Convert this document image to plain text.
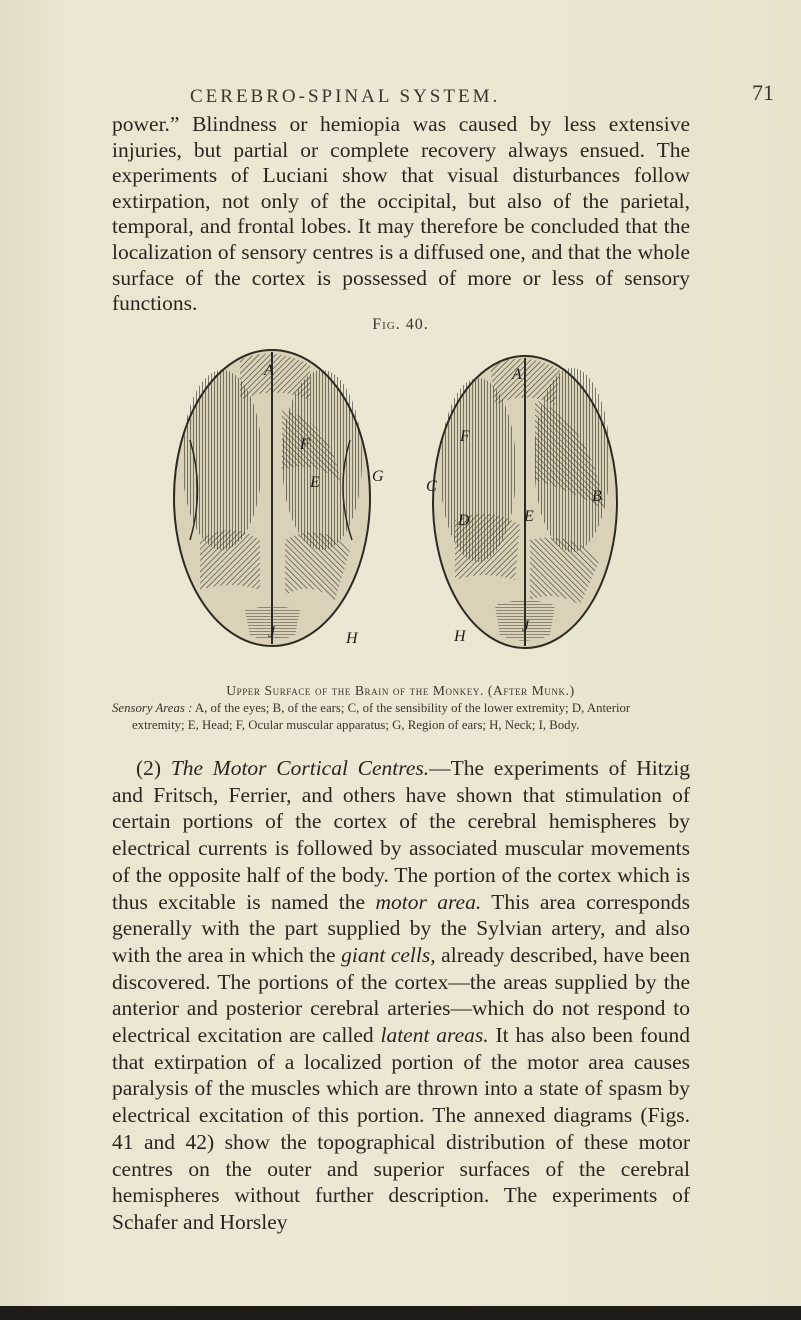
CEREBRO-SPINAL SYSTEM.	71

power.” Blindness or hemiopia was caused by less extensive injuries, but partial or complete recovery always ensued. The experiments of Luciani show that visual disturbances follow extirpation, not only of the occipital, but also of the parietal, temporal, and frontal lobes. It may therefore be concluded that the localization of sensory centres is a diffused one, and that the whole surface of the cortex is possessed of more or less of sensory functions.

Fig. 40.
A
F
E	G
J	H
A
F
C
D	E
B
J
H
Upper Surface of the Brain of the Monkey. (After Munk.)
Sensory Areas : A, of the eyes; B, of the ears; C, of the sensibility of the lower extremity; D, Anterior
extremity; E, Head; F, Ocular muscular apparatus; G, Region of ears; H, Neck; I, Body.

(2) The Motor Cortical Centres.—The experiments of Hitzig and Fritsch, Ferrier, and others have shown that stimulation of certain portions of the cortex of the cerebral hemispheres by electrical currents is followed by associated muscular movements of the opposite half of the body. The portion of the cortex which is thus excitable is named the motor area. This area corresponds generally with the part supplied by the Sylvian artery, and also with the area in which the giant cells, already described, have been discovered. The portions of the cortex—the areas supplied by the anterior and posterior cerebral arteries—which do not respond to electrical excitation are called latent areas. It has also been found that extirpation of a localized portion of the motor area causes paralysis of the muscles which are thrown into a state of spasm by electrical excitation of this portion. The annexed diagrams (Figs. 41 and 42) show the topographical distribution of these motor centres on the outer and superior surfaces of the cerebral hemispheres without further description. The experiments of Schafer and Horsley
